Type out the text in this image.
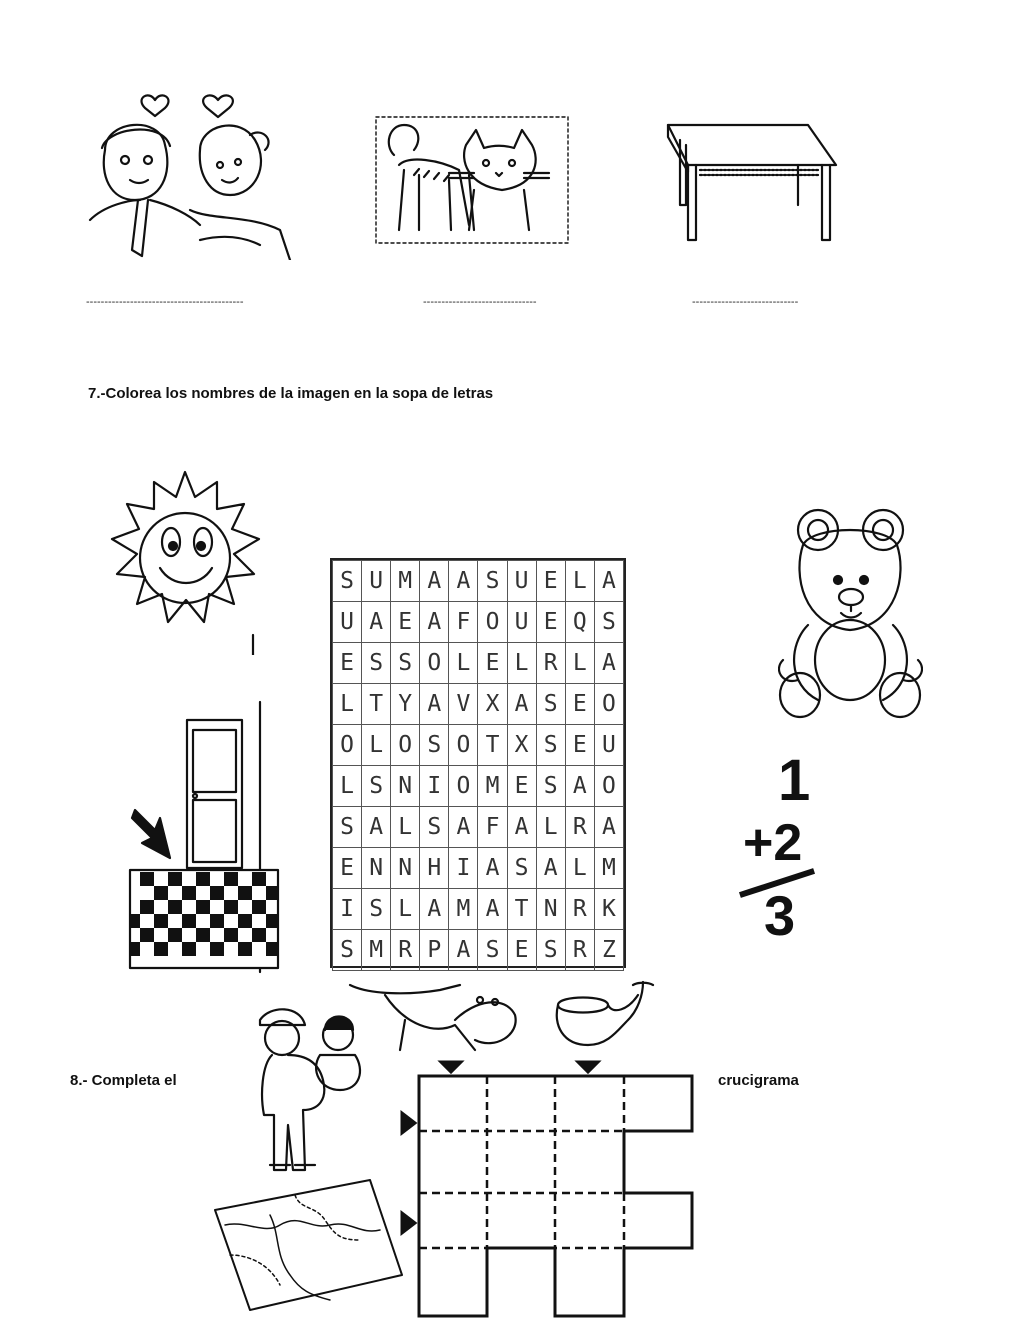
-------------------------------------------	-------------------------------	-----------------------------
7.-Colorea los nombres de la imagen en la sopa de letras
S	U	M	A	A	S	U	E	L	A
U	A	E	A	F	O	U	E	Q	S
E	S	S	O	L	E	L	R	L	A
L	T	Y	A	V	X	A	S	E	O
O	L	O	S	O	T	X	S	E	U
L	S	N	I	O	M	E	S	A	O
S	A	L	S	A	F	A	L	R	A
E	N	N	H	I	A	S	A	L	M
I	S	L	A	M	A	T	N	R	K
S	M	R	P	A	S	E	S	R	Z
1
+2
3
8.- Completa el	crucigrama
